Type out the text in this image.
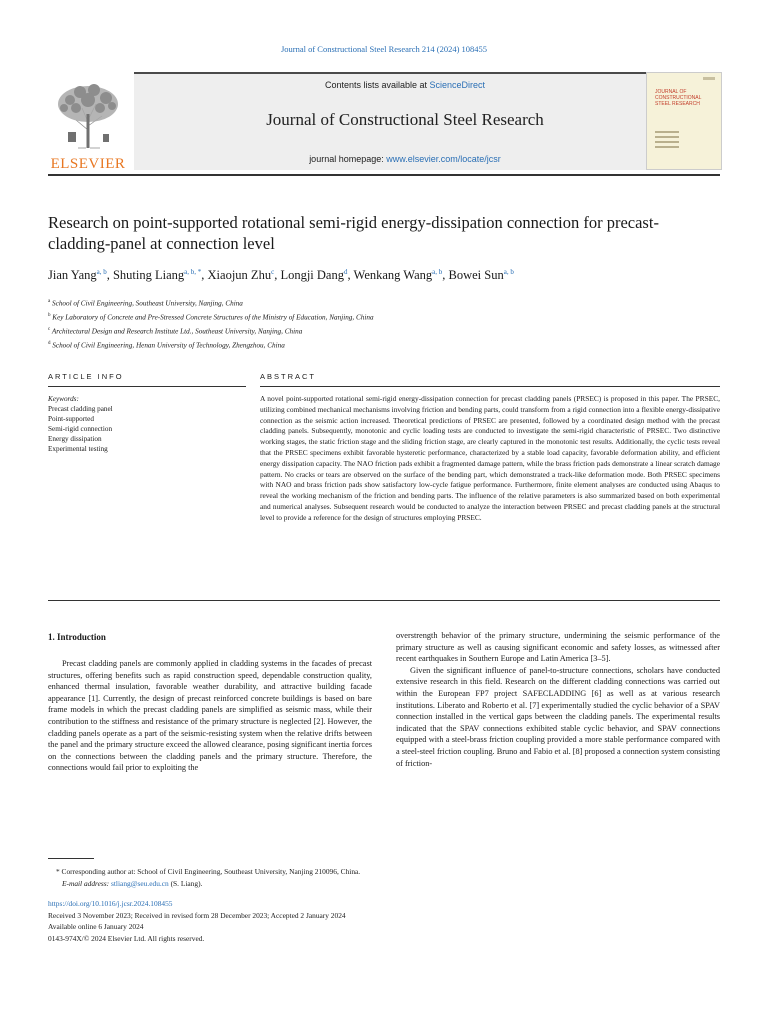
Journal of Constructional Steel Research 214 (2024) 108455
ELSEVIER
Contents lists available at ScienceDirect
Journal of Constructional Steel Research
journal homepage: www.elsevier.com/locate/jcsr
JOURNAL OF CONSTRUCTIONAL STEEL RESEARCH
Research on point-supported rotational semi-rigid energy-dissipation connection for precast-cladding-panel at connection level
Jian Yang$^{a, b}$, Shuting Liang$^{a, b, *}$, Xiaojun Zhu$^c$, Longji Dang$^d$, Wenkang Wang$^{a, b}$, Bowei Sun$^{a, b}$
$^a$ School of Civil Engineering, Southeast University, Nanjing, China
$^b$ Key Laboratory of Concrete and Pre-Stressed Concrete Structures of the Ministry of Education, Nanjing, China
$^c$ Architectural Design and Research Institute Ltd., Southeast University, Nanjing, China
$^d$ School of Civil Engineering, Henan University of Technology, Zhengzhou, China
ARTICLE INFO	ABSTRACT
Keywords:
Precast cladding panel
Point-supported
Semi-rigid connection
Energy dissipation
Experimental testing
A novel point-supported rotational semi-rigid energy-dissipation connection for precast cladding panels (PRSEC) is proposed in this paper. The PRSEC, utilizing combined mechanical mechanisms involving friction and bending parts, could transform from a rigid connection into a flexible energy-dissipative connection as the seismic action increased. Theoretical predictions of PRSEC are presented, followed by a coordinated design method with the precast cladding panels. Subsequently, monotonic and cyclic loading tests are conducted to investigate the semi-rigid characteristic of PRSEC. Two distinctive working stages, the static friction stage and the sliding friction stage, are clearly captured in the monotonic test results. Additionally, the cyclic tests reveal that the PRSEC specimens exhibit favorable hysteretic performance, characterized by a stable load capacity, favorable deformation ability, and efficient energy dissipation capacity. The NAO friction pads exhibit a fragmented damage pattern, while the brass friction pads demonstrate a linear scratch damage pattern. No cracks or tears are observed on the surface of the bending part, which demonstrated a track-like deformation mode. Both PRSEC specimens with NAO and brass friction pads show satisfactory low-cycle fatigue performance. Furthermore, finite element analyses are conducted using Abaqus to reveal the working mechanism of the friction and bending parts. The influence of the relative parameters is also summarized based on both experimental and numerical analyses. Subsequent research would be conducted to analyze the interaction between PRSEC and precast cladding panels at the structural level to provide a reference for the design of structures employing PRSEC.
1. Introduction

Precast cladding panels are commonly applied in cladding systems in the facades of precast structures, offering benefits such as rapid construction speed, dependable construction quality, enhanced thermal insulation, favorable weather durability, and attractive building facade appearance [1]. Currently, the design of precast reinforced concrete buildings is based on bare frame models in which the precast cladding panels are simplified as seismic mass, while their contribution to the stiffness and resistance of the primary structure is neglected [2]. However, the cladding panels operate as a part of the seismic-resisting system when the relative drifts between the panel and the primary structure exceed the allowed clearance, posing significant inertia forces on the connections between the cladding panels and the primary structure. Therefore, the connections would fail prior to exploiting the

overstrength behavior of the primary structure, undermining the seismic performance of the primary structure as well as causing significant economic and safety losses, as witnessed after recent earthquakes in Southern Europe and Latin America [3–5].

Given the significant influence of panel-to-structure connections, scholars have conducted extensive research in this field. Research on the different cladding connections was carried out within the European FP7 project SAFECLADDING [6] as well as at various research institutions. Liberato and Roberto et al. [7] experimentally studied the cyclic behavior of a SPAV connection installed in the vertical gaps between the cladding panels. The experimental results indicated that the SPAV connections exhibited stable cyclic behavior, and SPAV connections equipped with a steel-brass friction coupling provided a more stable performance compared with a steel-steel friction coupling. Bruno and Fabio et al. [8] proposed a connection system consisting of friction-

* Corresponding author at: School of Civil Engineering, Southeast University, Nanjing 210096, China.
E-mail address: stliang@seu.edu.cn (S. Liang).
https://doi.org/10.1016/j.jcsr.2024.108455
Received 3 November 2023; Received in revised form 28 December 2023; Accepted 2 January 2024
Available online 6 January 2024
0143-974X/© 2024 Elsevier Ltd. All rights reserved.
